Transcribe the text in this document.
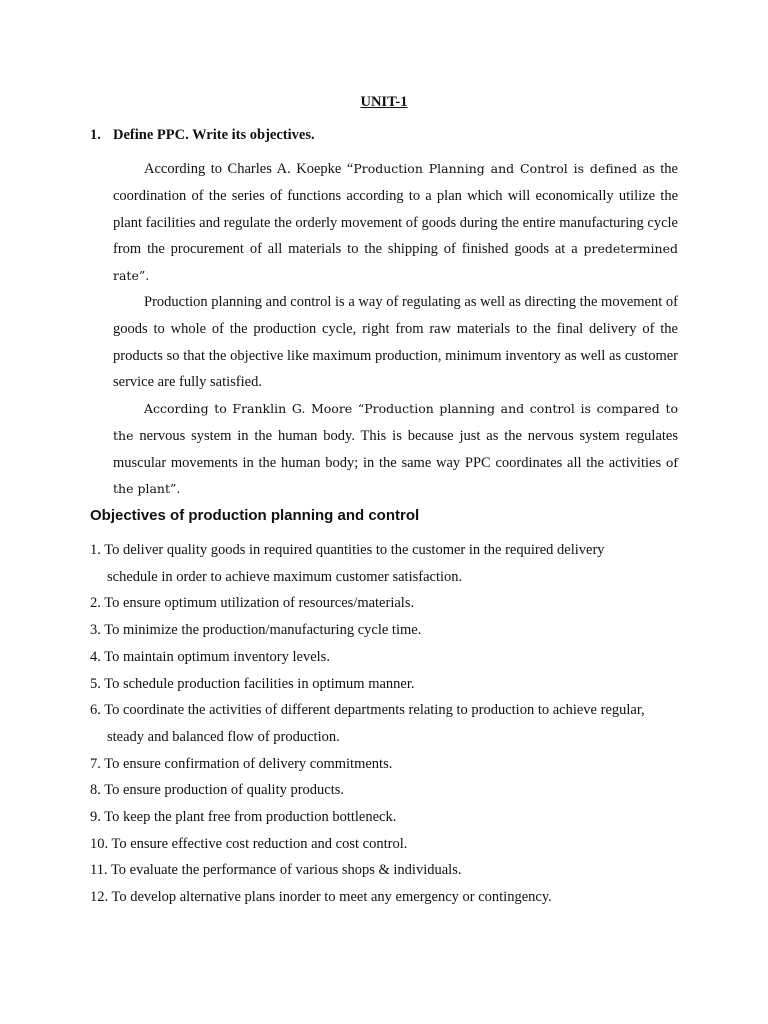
UNIT-1
1. Define PPC. Write its objectives.

According to Charles A. Koepke “Production Planning and Control is defined as the coordination of the series of functions according to a plan which will economically utilize the plant facilities and regulate the orderly movement of goods during the entire manufacturing cycle from the procurement of all materials to the shipping of finished goods at a predetermined rate”.

Production planning and control is a way of regulating as well as directing the movement of goods to whole of the production cycle, right from raw materials to the final delivery of the products so that the objective like maximum production, minimum inventory as well as customer service are fully satisfied.

According to Franklin G. Moore “Production planning and control is compared to the nervous system in the human body. This is because just as the nervous system regulates muscular movements in the human body; in the same way PPC coordinates all the activities of the plant”.

Objectives of production planning and control
1. To deliver quality goods in required quantities to the customer in the required delivery
schedule in order to achieve maximum customer satisfaction.
2. To ensure optimum utilization of resources/materials.
3. To minimize the production/manufacturing cycle time.
4. To maintain optimum inventory levels.
5. To schedule production facilities in optimum manner.
6. To coordinate the activities of different departments relating to production to achieve regular,
steady and balanced flow of production.
7. To ensure confirmation of delivery commitments.
8. To ensure production of quality products.
9. To keep the plant free from production bottleneck.
10. To ensure effective cost reduction and cost control.
11. To evaluate the performance of various shops & individuals.
12. To develop alternative plans inorder to meet any emergency or contingency.
